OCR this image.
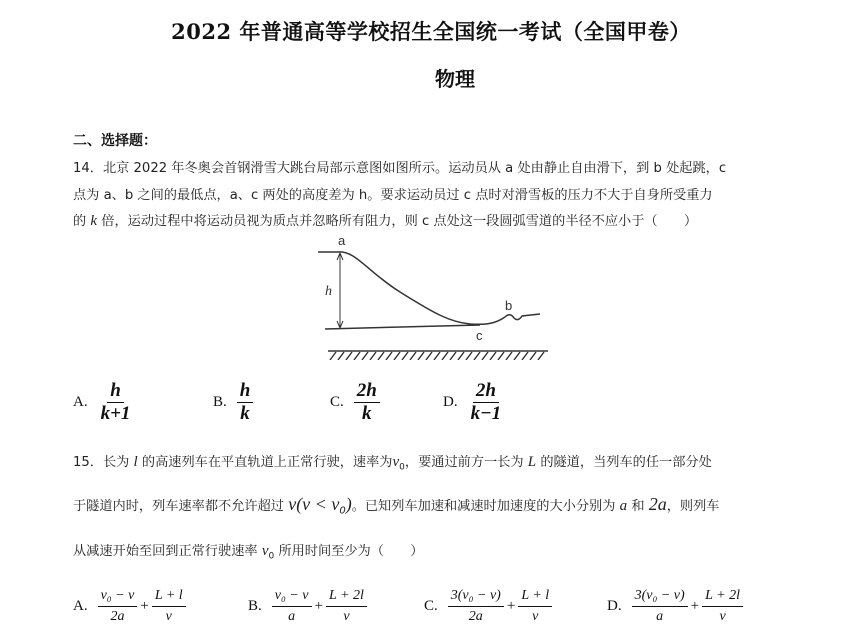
2022 年普通高等学校招生全国统一考试（全国甲卷）
物理
二、选择题：
14．北京 2022 年冬奥会首钢滑雪大跳台局部示意图如图所示。运动员从 a 处由静止自由滑下，到 b 处起跳，c
点为 a、b 之间的最低点，a、c 两处的高度差为 h。要求运动员过 c 点时对滑雪板的压力不大于自身所受重力
的 k 倍，运动过程中将运动员视为质点并忽略所有阻力，则 c 点处这一段圆弧雪道的半径不应小于（　　）
a
b
c
h
A. $\frac{h}{k+1}$	B. $\frac{h}{k}$	C. $\frac{2h}{k}$	D. $\frac{2h}{k-1}$
15．长为 l 的高速列车在平直轨道上正常行驶，速率为$v_0$，要通过前方一长为 L 的隧道，当列车的任一部分处
于隧道内时，列车速率都不允许超过 $v(v < v_0)$。已知列车加速和减速时加速度的大小分别为 a 和 2a，则列车
从减速开始至回到正常行驶速率 $v_0$ 所用时间至少为（　　）
A. $\frac{\text{v₀ − v}}{2a} + \frac{L + l}{v}$	B. $\frac{\text{v₀ − v}}{a} + \frac{L + 2l}{v}$	C. $\frac{\text{3(v₀ − v)}}{2a} + \frac{L + l}{v}$	D. $\frac{\text{3(v₀ − v)}}{a} + \frac{L + 2l}{v}$
